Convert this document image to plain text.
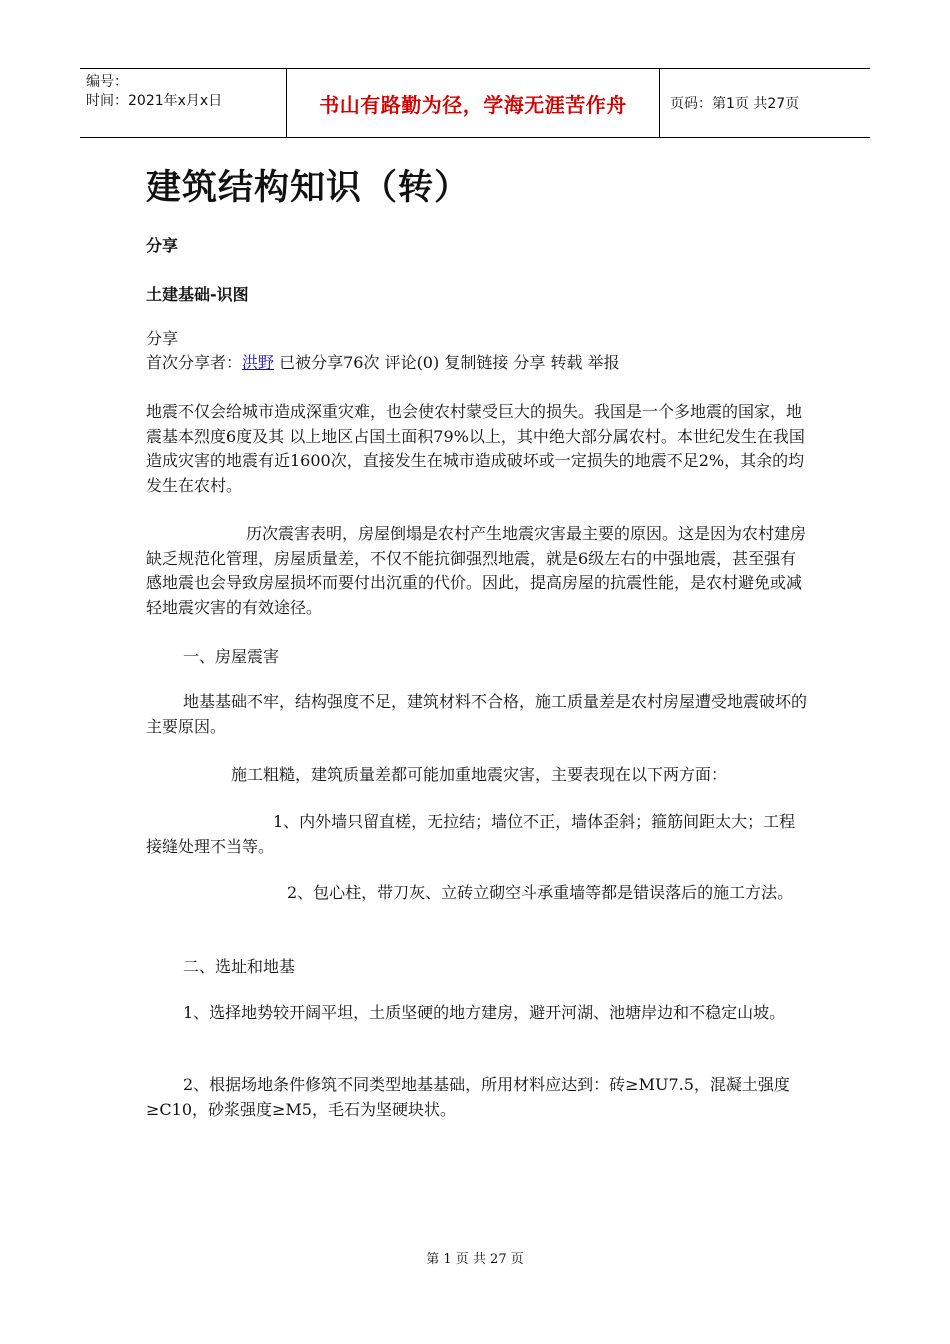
编号：
时间：2021年x月x日	书山有路勤为径，学海无涯苦作舟	页码：第1页 共27页
建筑结构知识（转）
分享
土建基础-识图
分享
首次分享者：洪野 已被分享76次 评论(0) 复制链接 分享 转载 举报
地震不仅会给城市造成深重灾难，也会使农村蒙受巨大的损失。我国是一个多地震的国家，地震基本烈度6度及其 以上地区占国土面积79%以上，其中绝大部分属农村。本世纪发生在我国造成灾害的地震有近1600次，直接发生在城市造成破坏或一定损失的地震不足2%，其余的均发生在农村。
历次震害表明，房屋倒塌是农村产生地震灾害最主要的原因。这是因为农村建房缺乏规范化管理，房屋质量差，不仅不能抗御强烈地震，就是6级左右的中强地震，甚至强有感地震也会导致房屋损坏而要付出沉重的代价。因此，提高房屋的抗震性能，是农村避免或减轻地震灾害的有效途径。
一、房屋震害
地基基础不牢，结构强度不足，建筑材料不合格，施工质量差是农村房屋遭受地震破坏的主要原因。
施工粗糙，建筑质量差都可能加重地震灾害，主要表现在以下两方面：
1、内外墙只留直槎，无拉结；墙位不正，墙体歪斜；箍筋间距太大；工程接缝处理不当等。
2、包心柱，带刀灰、立砖立砌空斗承重墙等都是错误落后的施工方法。
二、选址和地基
1、选择地势较开阔平坦，土质坚硬的地方建房，避开河湖、池塘岸边和不稳定山坡。
2、根据场地条件修筑不同类型地基基础，所用材料应达到：砖≥MU7.5，混凝土强度≥C10，砂浆强度≥M5，毛石为坚硬块状。
第 1 页 共 27 页
